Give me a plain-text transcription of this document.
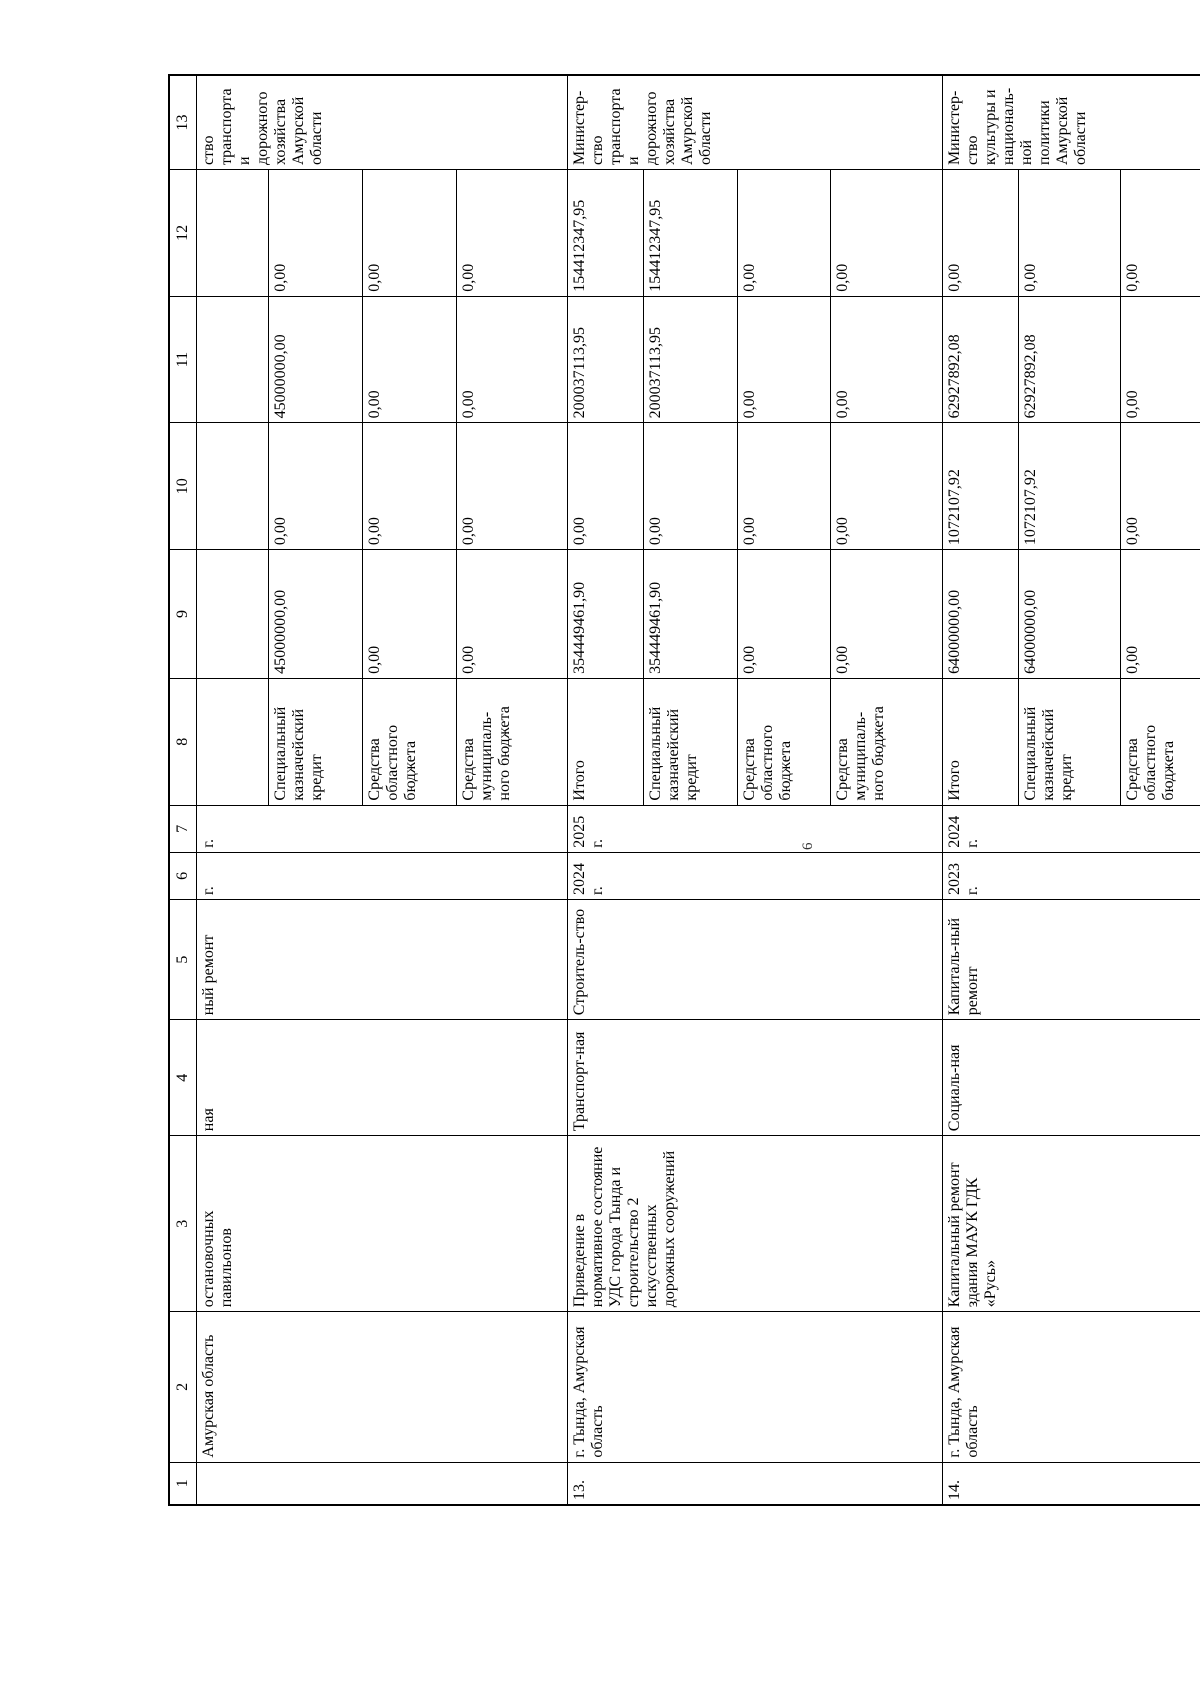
6
1	2	3	4	5	6	7	8	9	10	11	12	13
	Амурская область	остановочных павильонов	ная	ный ремонт	г.	г.						ство транспорта и дорожного хозяйства Амурской области
							Специальный казначейский кредит	45000000,00	0,00	45000000,00	0,00	
							Средства областного бюджета	0,00	0,00	0,00	0,00	
							Средства муниципаль-ного бюджета	0,00	0,00	0,00	0,00	
13.	г. Тында, Амурская область	Приведение в нормативное состояние УДС города Тында и строительство 2 искусственных дорожных сооружений	Транспорт-ная	Строитель-ство	2024 г.	2025 г.	Итого	354449461,90	0,00	200037113,95	154412347,95	Министер-ство транспорта и дорожного хозяйства Амурской области
							Специальный казначейский кредит	354449461,90	0,00	200037113,95	154412347,95	
							Средства областного бюджета	0,00	0,00	0,00	0,00	
							Средства муниципаль-ного бюджета	0,00	0,00	0,00	0,00	
14.	г. Тында, Амурская область	Капитальный ремонт здания МАУК ГДК «Русь»	Социаль-ная	Капиталь-ный ремонт	2023 г.	2024 г.	Итого	64000000,00	1072107,92	62927892,08	0,00	Министер-ство культуры и националь-ной политики Амурской области
							Специальный казначейский кредит	64000000,00	1072107,92	62927892,08	0,00	
							Средства областного бюджета	0,00	0,00	0,00	0,00	
